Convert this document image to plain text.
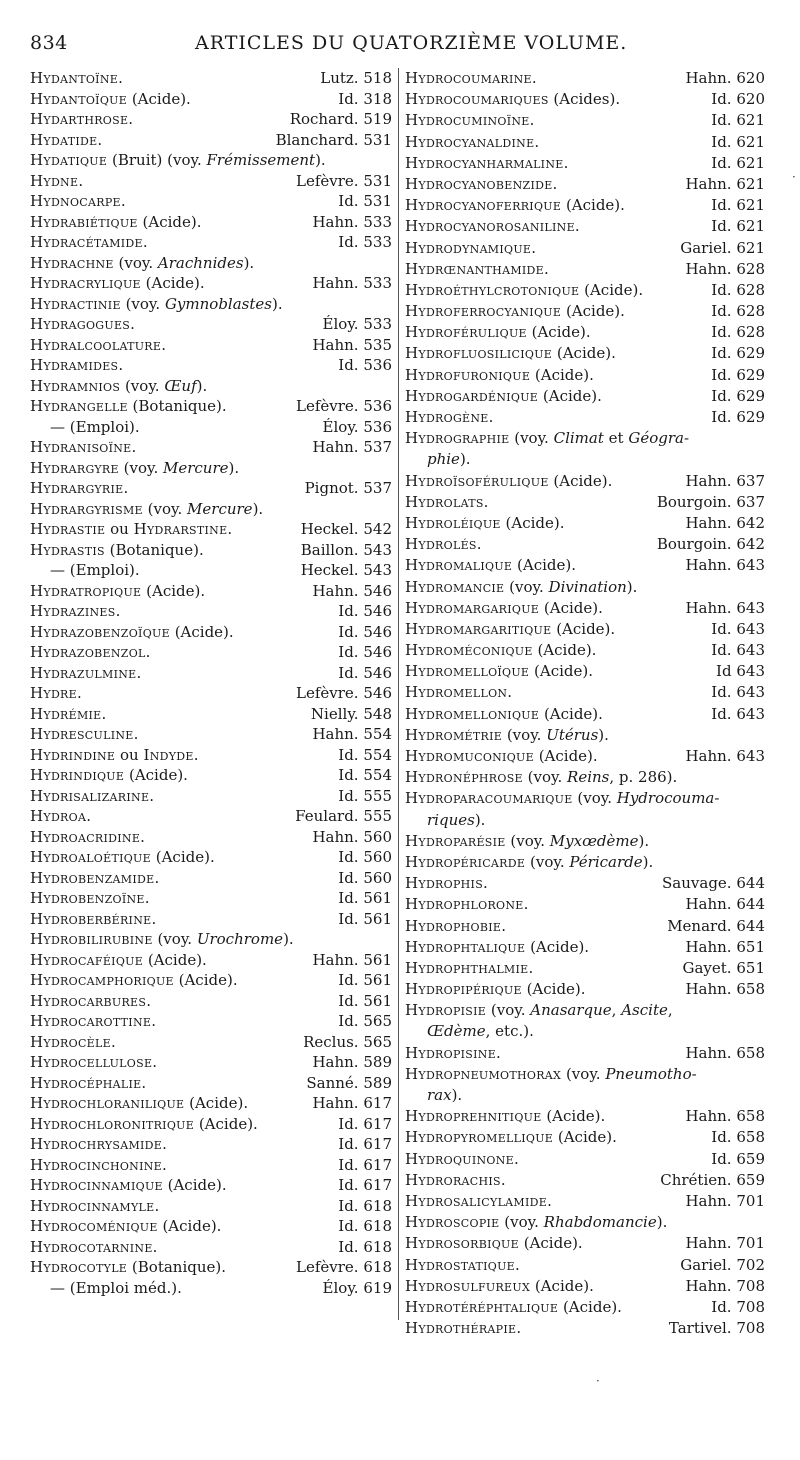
834	ARTICLES DU QUATORZIÈME VOLUME.
Hydantoïne.	Lutz. 518
Hydantoïque (Acide).	Id. 318
Hydarthrose.	Rochard. 519
Hydatide.	Blanchard. 531
Hydatique (Bruit) (voy. Frémissement).
Hydne.	Lefèvre. 531
Hydnocarpe.	Id. 531
Hydrabiétique (Acide).	Hahn. 533
Hydracétamide.	Id. 533
Hydrachne (voy. Arachnides).
Hydracrylique (Acide).	Hahn. 533
Hydractinie (voy. Gymnoblastes).
Hydragogues.	Éloy. 533
Hydralcoolature.	Hahn. 535
Hydramides.	Id. 536
Hydramnios (voy. Œuf).
Hydrangelle (Botanique).	Lefèvre. 536
— (Emploi).	Éloy. 536
Hydranisoïne.	Hahn. 537
Hydrargyre (voy. Mercure).
Hydrargyrie.	Pignot. 537
Hydrargyrisme (voy. Mercure).
Hydrastie ou Hydrarstine.	Heckel. 542
Hydrastis (Botanique).	Baillon. 543
— (Emploi).	Heckel. 543
Hydratropique (Acide).	Hahn. 546
Hydrazines.	Id. 546
Hydrazobenzoïque (Acide).	Id. 546
Hydrazobenzol.	Id. 546
Hydrazulmine.	Id. 546
Hydre.	Lefèvre. 546
Hydrémie.	Nielly. 548
Hydresculine.	Hahn. 554
Hydrindine ou Indyde.	Id. 554
Hydrindique (Acide).	Id. 554
Hydrisalizarine.	Id. 555
Hydroa.	Feulard. 555
Hydroacridine.	Hahn. 560
Hydroaloétique (Acide).	Id. 560
Hydrobenzamide.	Id. 560
Hydrobenzoïne.	Id. 561
Hydroberbérine.	Id. 561
Hydrobilirubine (voy. Urochrome).
Hydrocaféique (Acide).	Hahn. 561
Hydrocamphorique (Acide).	Id. 561
Hydrocarbures.	Id. 561
Hydrocarottine.	Id. 565
Hydrocèle.	Reclus. 565
Hydrocellulose.	Hahn. 589
Hydrocéphalie.	Sanné. 589
Hydrochloranilique (Acide).	Hahn. 617
Hydrochloronitrique (Acide).	Id. 617
Hydrochrysamide.	Id. 617
Hydrocinchonine.	Id. 617
Hydrocinnamique (Acide).	Id. 617
Hydrocinnamyle.	Id. 618
Hydrocoménique (Acide).	Id. 618
Hydrocotarnine.	Id. 618
Hydrocotyle (Botanique).	Lefèvre. 618
— (Emploi méd.).	Éloy. 619
Hydrocoumarine.	Hahn. 620
Hydrocoumariques (Acides).	Id. 620
Hydrocuminoïne.	Id. 621
Hydrocyanaldine.	Id. 621
Hydrocyanharmaline.	Id. 621
Hydrocyanobenzide.	Hahn. 621
Hydrocyanoferrique (Acide).	Id. 621
Hydrocyanorosaniline.	Id. 621
Hydrodynamique.	Gariel. 621
Hydrœnanthamide.	Hahn. 628
Hydroéthylcrotonique (Acide).	Id. 628
Hydroferrocyanique (Acide).	Id. 628
Hydroférulique (Acide).	Id. 628
Hydrofluosilicique (Acide).	Id. 629
Hydrofuronique (Acide).	Id. 629
Hydrogardénique (Acide).	Id. 629
Hydrogène.	Id. 629
Hydrographie (voy. Climat et Géogra-
phie).
Hydroïsoférulique (Acide).	Hahn. 637
Hydrolats.	Bourgoin. 637
Hydroléique (Acide).	Hahn. 642
Hydrolés.	Bourgoin. 642
Hydromalique (Acide).	Hahn. 643
Hydromancie (voy. Divination).
Hydromargarique (Acide).	Hahn. 643
Hydromargaritique (Acide).	Id. 643
Hydroméconique (Acide).	Id. 643
Hydromelloïque (Acide).	Id 643
Hydromellon.	Id. 643
Hydromellonique (Acide).	Id. 643
Hydrométrie (voy. Utérus).
Hydromuconique (Acide).	Hahn. 643
Hydronéphrose (voy. Reins, p. 286).
Hydroparacoumarique (voy. Hydrocouma-
riques).
Hydroparésie (voy. Myxœdème).
Hydropéricarde (voy. Péricarde).
Hydrophis.	Sauvage. 644
Hydrophlorone.	Hahn. 644
Hydrophobie.	Menard. 644
Hydrophtalique (Acide).	Hahn. 651
Hydrophthalmie.	Gayet. 651
Hydropipérique (Acide).	Hahn. 658
Hydropisie (voy. Anasarque, Ascite,
Œdème, etc.).
Hydropisine.	Hahn. 658
Hydropneumothorax (voy. Pneumotho-
rax).
Hydroprehnitique (Acide).	Hahn. 658
Hydropyromellique (Acide).	Id. 658
Hydroquinone.	Id. 659
Hydrorachis.	Chrétien. 659
Hydrosalicylamide.	Hahn. 701
Hydroscopie (voy. Rhabdomancie).
Hydrosorbique (Acide).	Hahn. 701
Hydrostatique.	Gariel. 702
Hydrosulfureux (Acide).	Hahn. 708
Hydrotéréphtalique (Acide).	Id. 708
Hydrothérapie.	Tartivel. 708
·
·
